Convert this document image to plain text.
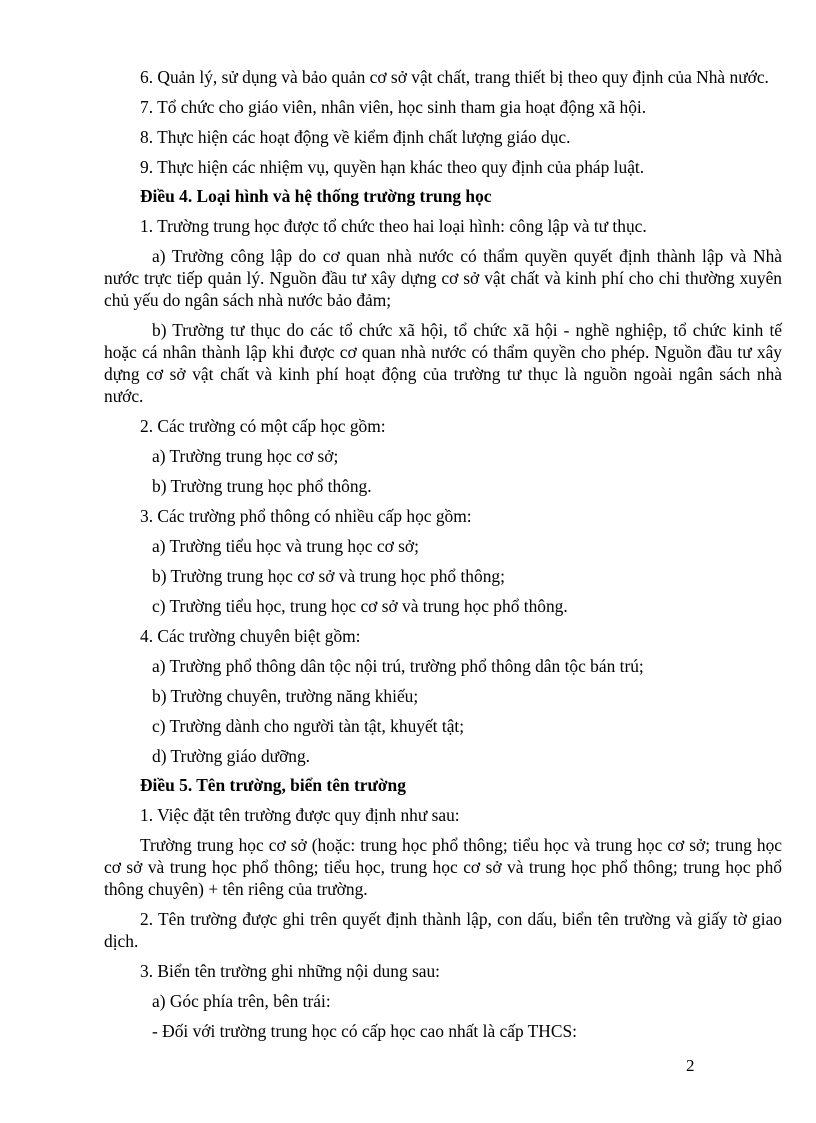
6. Quản lý, sử dụng và bảo quản cơ sở vật chất, trang thiết bị theo quy định của Nhà nước.

7. Tổ chức cho giáo viên, nhân viên, học sinh tham gia hoạt động xã hội.

8. Thực hiện các hoạt động về kiểm định chất lượng giáo dục.

9. Thực hiện các nhiệm vụ, quyền hạn khác theo quy định của pháp luật.

Điều 4. Loại hình và hệ thống trường trung học

1. Trường trung học được tổ chức theo hai loại hình: công lập và tư thục.

a) Trường công lập do cơ quan nhà nước có thẩm quyền quyết định thành lập và Nhà nước trực tiếp quản lý. Nguồn đầu tư xây dựng cơ sở vật chất và kinh phí cho chi thường xuyên chủ yếu do ngân sách nhà nước bảo đảm;

b) Trường tư thục do các tổ chức xã hội, tổ chức xã hội - nghề nghiệp, tổ chức kinh tế hoặc cá nhân thành lập khi được cơ quan nhà nước có thẩm quyền cho phép. Nguồn đầu tư xây dựng cơ sở vật chất và kinh phí hoạt động của trường tư thục là nguồn ngoài ngân sách nhà nước.

2. Các trường có một cấp học gồm:

a) Trường trung học cơ sở;

b) Trường trung học phổ thông.

3. Các trường phổ thông có nhiều cấp học gồm:

a) Trường tiểu học và trung học cơ sở;

b) Trường trung học cơ sở và trung học phổ thông;

c) Trường tiểu học, trung học cơ sở và trung học phổ thông.

4. Các trường chuyên biệt gồm:

a) Trường phổ thông dân tộc nội trú, trường phổ thông dân tộc bán trú;

b) Trường chuyên, trường năng khiếu;

c) Trường dành cho người tàn tật, khuyết tật;

d) Trường giáo dưỡng.

Điều 5. Tên trường, biển tên trường

1. Việc đặt tên trường được quy định như sau:

Trường trung học cơ sở (hoặc: trung học phổ thông; tiểu học và trung học cơ sở; trung học cơ sở và trung học phổ thông; tiểu học, trung học cơ sở và trung học phổ thông; trung học phổ thông chuyên) + tên riêng của trường.

2. Tên trường được ghi trên quyết định thành lập, con dấu, biển tên trường và giấy tờ giao dịch.

3. Biển tên trường ghi những nội dung sau:

a) Góc phía trên, bên trái:

- Đối với trường trung học có cấp học cao nhất là cấp THCS:

2
